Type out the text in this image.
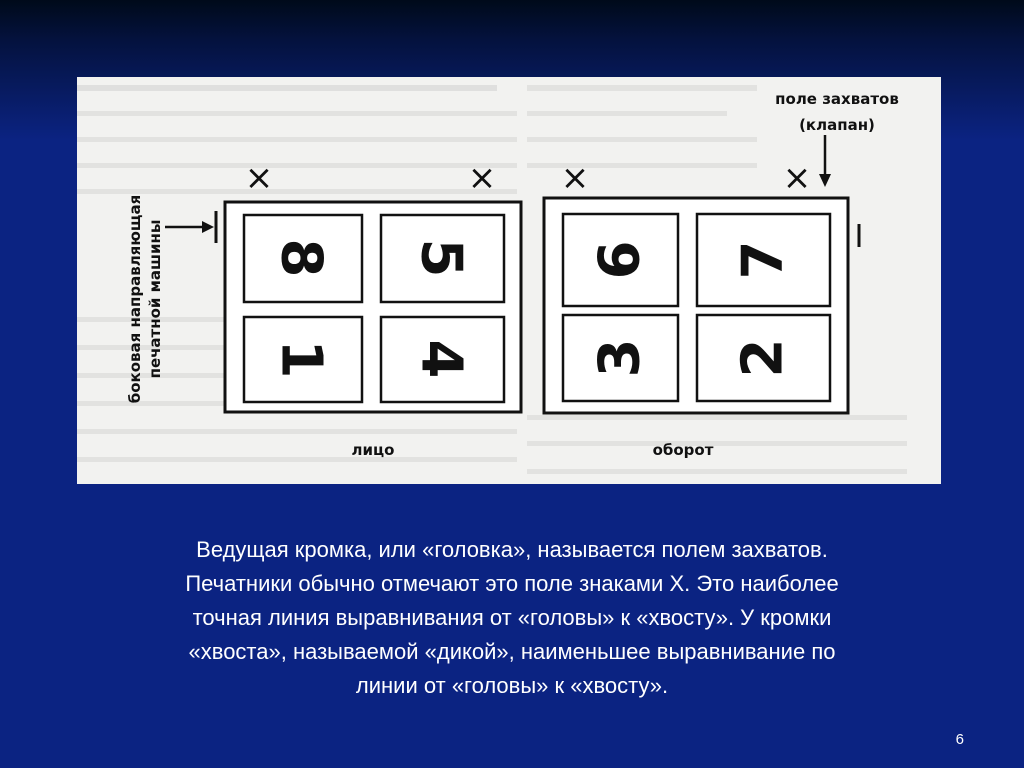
8 5
1 4
×	×
боковая направляющая печатной машины
лицо
6 7
3 2
×	×
поле захватов
(клапан)
оборот
Ведущая кромка, или «головка», называется полем захватов.
Печатники обычно отмечают это поле знаками Х. Это наиболее
точная линия выравнивания от «головы» к «хвосту». У кромки
«хвоста», называемой «дикой», наименьшее выравнивание по
линии от «головы» к «хвосту».
6
